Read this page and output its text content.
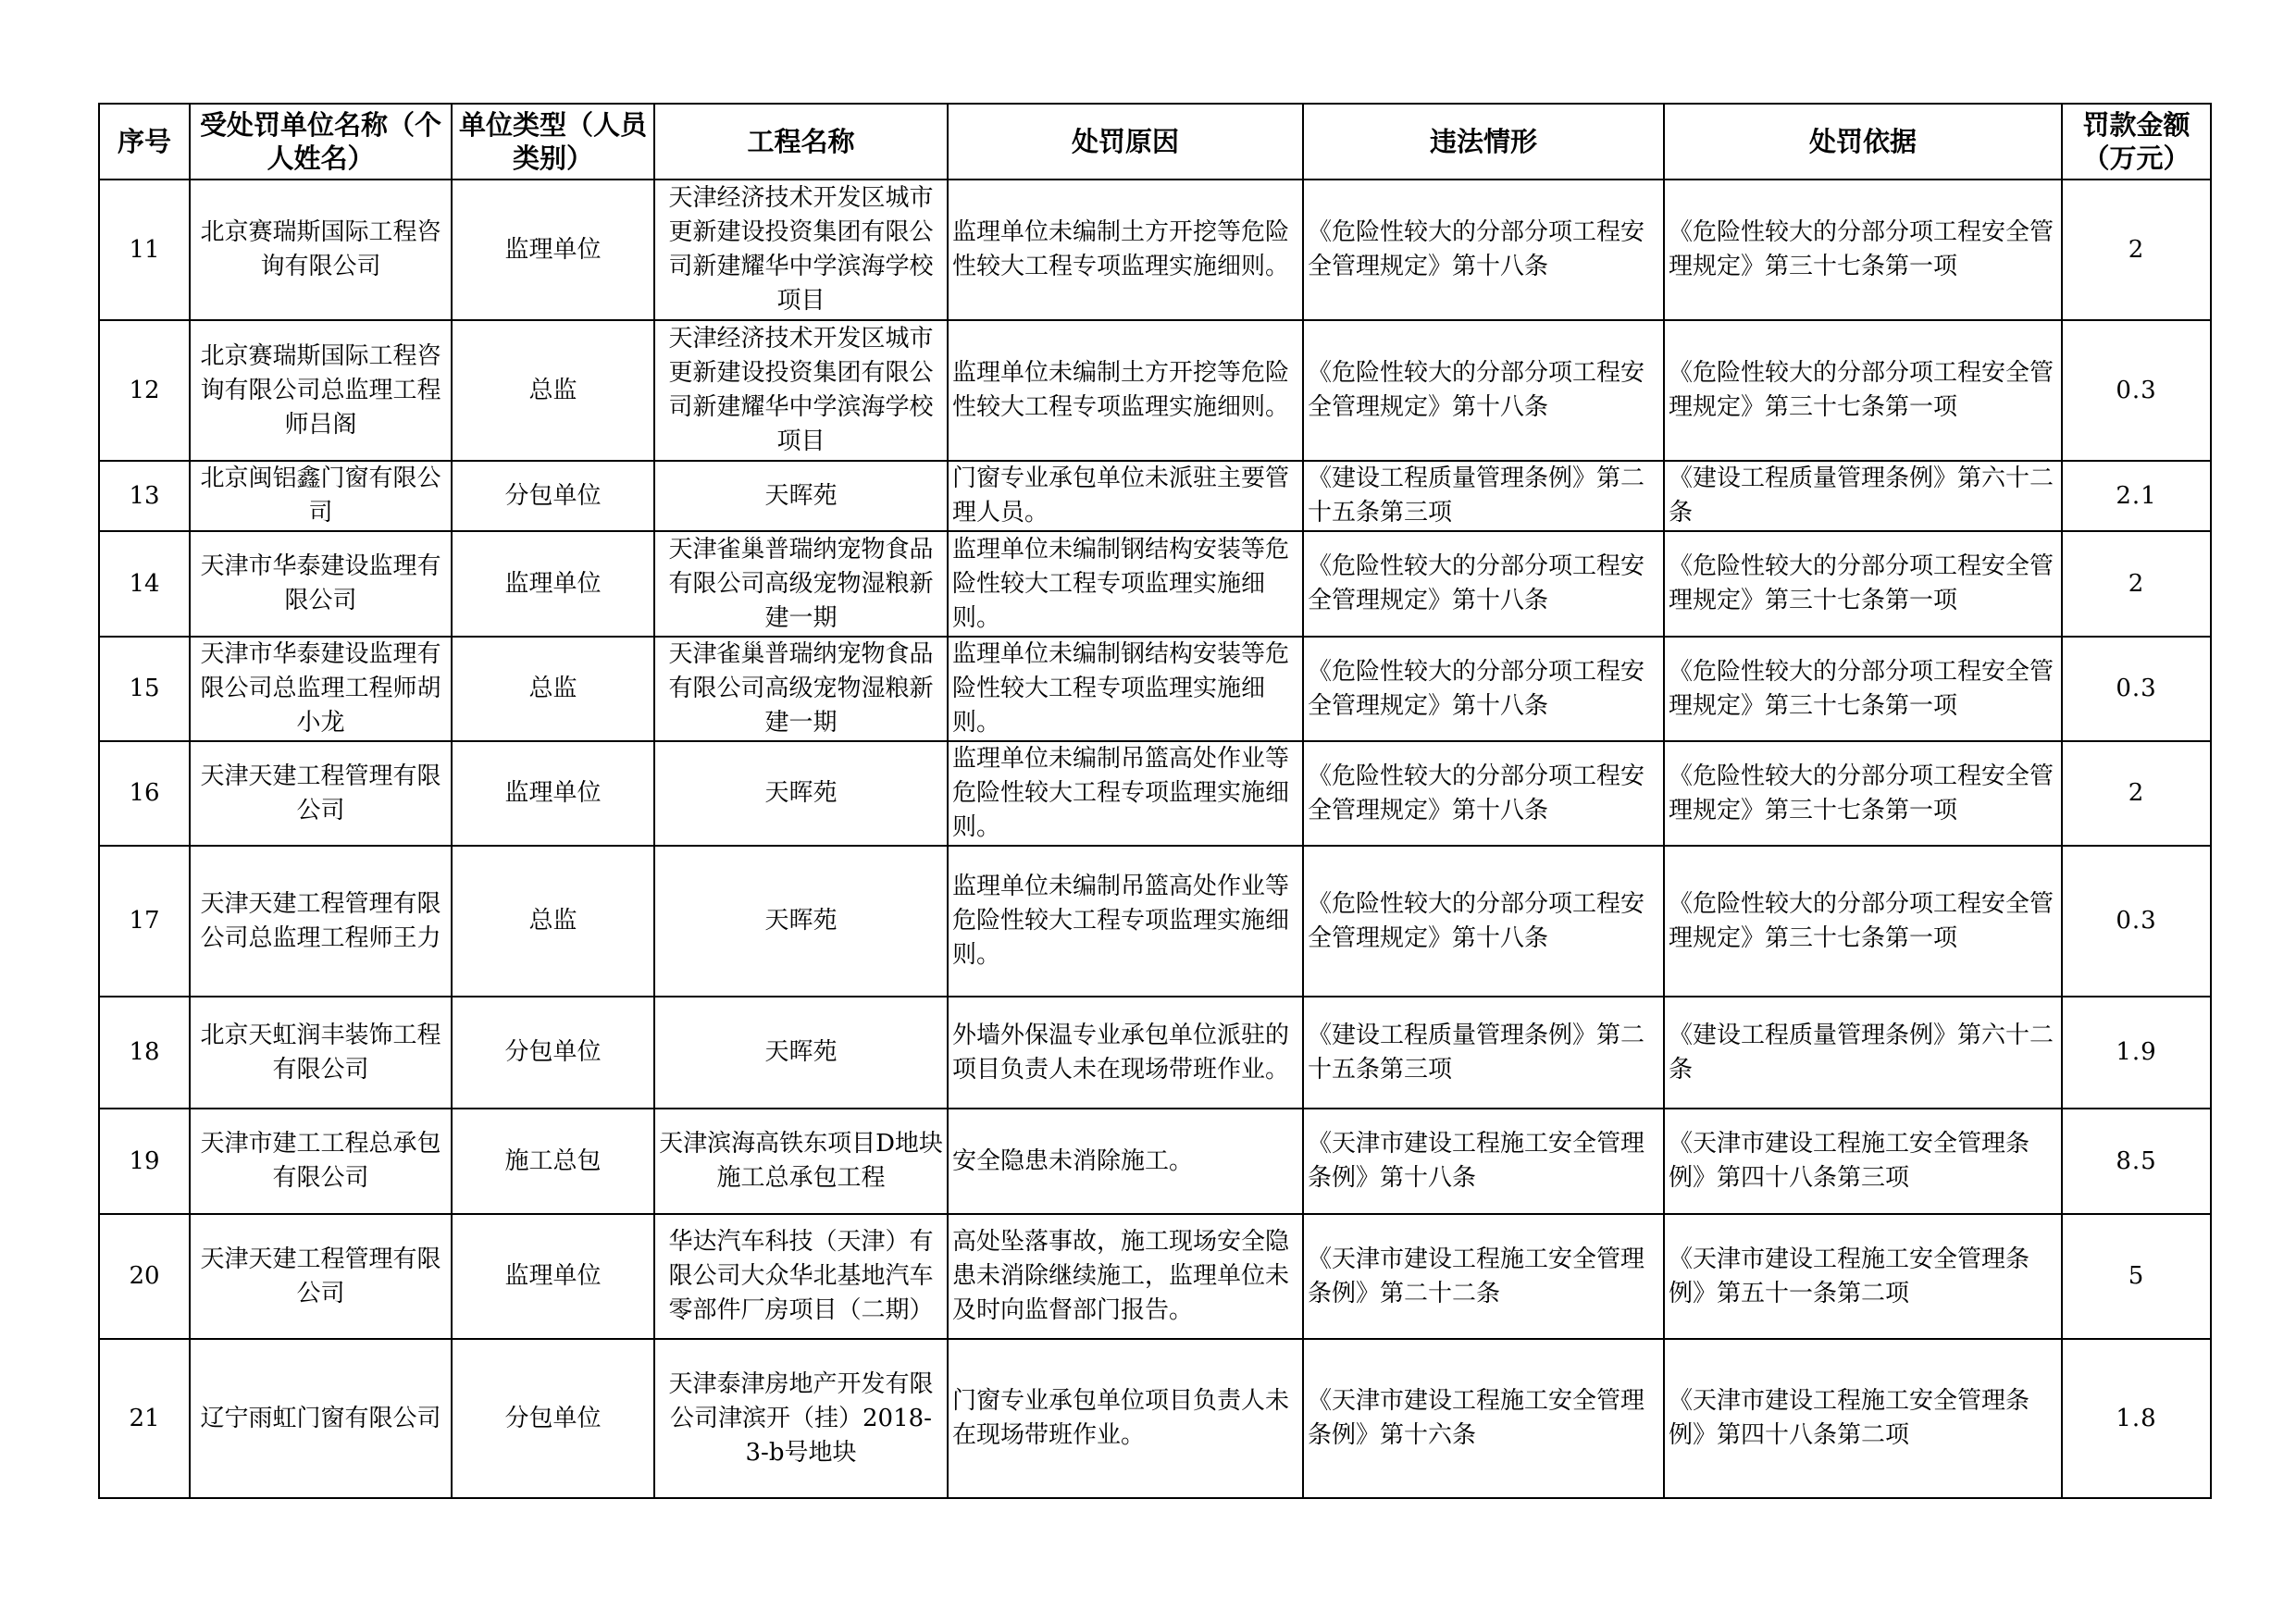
序号	受处罚单位名称（个人姓名）	单位类型（人员类别）	工程名称	处罚原因	违法情形	处罚依据	罚款金额（万元）
11	北京赛瑞斯国际工程咨询有限公司	监理单位	天津经济技术开发区城市更新建设投资集团有限公司新建耀华中学滨海学校项目	监理单位未编制土方开挖等危险性较大工程专项监理实施细则。	《危险性较大的分部分项工程安全管理规定》第十八条	《危险性较大的分部分项工程安全管理规定》第三十七条第一项	2
12	北京赛瑞斯国际工程咨询有限公司总监理工程师吕阁	总监	天津经济技术开发区城市更新建设投资集团有限公司新建耀华中学滨海学校项目	监理单位未编制土方开挖等危险性较大工程专项监理实施细则。	《危险性较大的分部分项工程安全管理规定》第十八条	《危险性较大的分部分项工程安全管理规定》第三十七条第一项	0.3
13	北京闽铝鑫门窗有限公司	分包单位	天晖苑	门窗专业承包单位未派驻主要管理人员。	《建设工程质量管理条例》第二十五条第三项	《建设工程质量管理条例》第六十二条	2.1
14	天津市华泰建设监理有限公司	监理单位	天津雀巢普瑞纳宠物食品有限公司高级宠物湿粮新建一期	监理单位未编制钢结构安装等危险性较大工程专项监理实施细则。	《危险性较大的分部分项工程安全管理规定》第十八条	《危险性较大的分部分项工程安全管理规定》第三十七条第一项	2
15	天津市华泰建设监理有限公司总监理工程师胡小龙	总监	天津雀巢普瑞纳宠物食品有限公司高级宠物湿粮新建一期	监理单位未编制钢结构安装等危险性较大工程专项监理实施细则。	《危险性较大的分部分项工程安全管理规定》第十八条	《危险性较大的分部分项工程安全管理规定》第三十七条第一项	0.3
16	天津天建工程管理有限公司	监理单位	天晖苑	监理单位未编制吊篮高处作业等危险性较大工程专项监理实施细则。	《危险性较大的分部分项工程安全管理规定》第十八条	《危险性较大的分部分项工程安全管理规定》第三十七条第一项	2
17	天津天建工程管理有限公司总监理工程师王力	总监	天晖苑	监理单位未编制吊篮高处作业等危险性较大工程专项监理实施细则。	《危险性较大的分部分项工程安全管理规定》第十八条	《危险性较大的分部分项工程安全管理规定》第三十七条第一项	0.3
18	北京天虹润丰装饰工程有限公司	分包单位	天晖苑	外墙外保温专业承包单位派驻的项目负责人未在现场带班作业。	《建设工程质量管理条例》第二十五条第三项	《建设工程质量管理条例》第六十二条	1.9
19	天津市建工工程总承包有限公司	施工总包	天津滨海高铁东项目D地块施工总承包工程	安全隐患未消除施工。	《天津市建设工程施工安全管理条例》第十八条	《天津市建设工程施工安全管理条例》第四十八条第三项	8.5
20	天津天建工程管理有限公司	监理单位	华达汽车科技（天津）有限公司大众华北基地汽车零部件厂房项目（二期）	高处坠落事故，施工现场安全隐患未消除继续施工，监理单位未及时向监督部门报告。	《天津市建设工程施工安全管理条例》第二十二条	《天津市建设工程施工安全管理条例》第五十一条第二项	5
21	辽宁雨虹门窗有限公司	分包单位	天津泰津房地产开发有限公司津滨开（挂）2018-3-b号地块	门窗专业承包单位项目负责人未在现场带班作业。	《天津市建设工程施工安全管理条例》第十六条	《天津市建设工程施工安全管理条例》第四十八条第二项	1.8
